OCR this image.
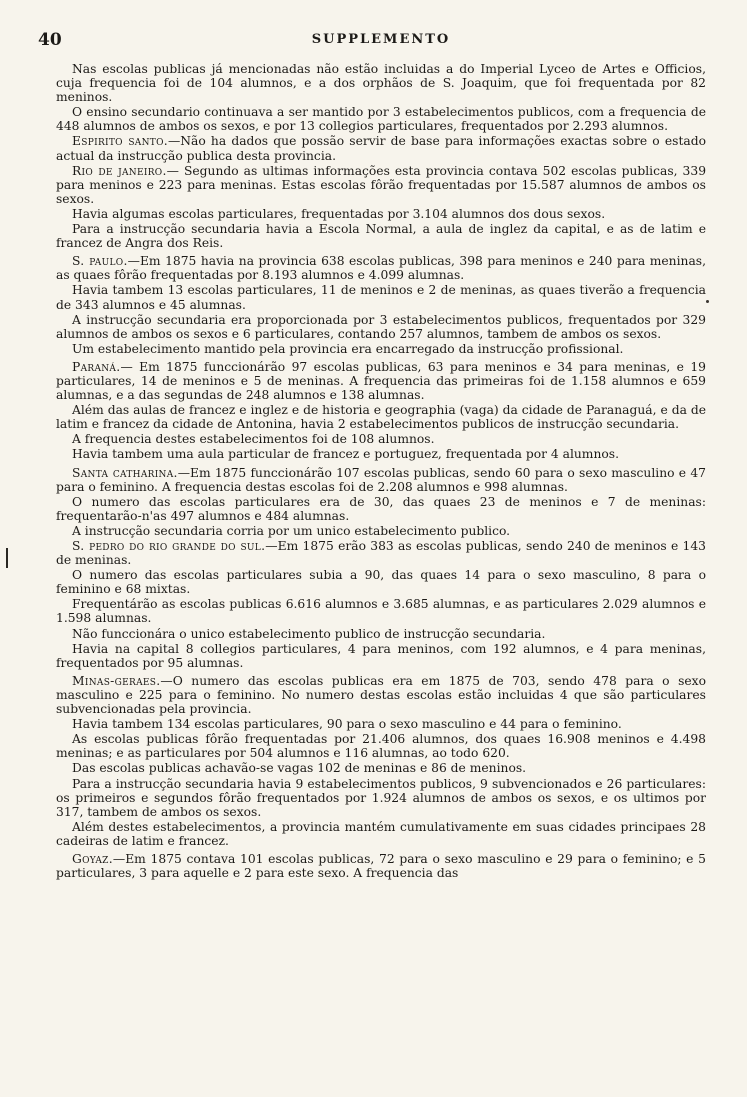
40	SUPPLEMENTO

Nas escolas publicas já mencionadas não estão incluidas a do Imperial Lyceo de Artes e Officios, cuja frequencia foi de 104 alumnos, e a dos orphãos de S. Joaquim, que foi frequentada por 82 meninos.

O ensino secundario continuava a ser mantido por 3 estabelecimentos publicos, com a frequencia de 448 alumnos de ambos os sexos, e por 13 collegios particulares, frequentados por 2.293 alumnos.

Espirito santo.—Não ha dados que possão servir de base para informações exactas sobre o estado actual da instrucção publica desta provincia.

Rio de janeiro.— Segundo as ultimas informações esta provincia contava 502 escolas publicas, 339 para meninos e 223 para meninas. Estas escolas fôrão frequentadas por 15.587 alumnos de ambos os sexos.

Havia algumas escolas particulares, frequentadas por 3.104 alumnos dos dous sexos.

Para a instrucção secundaria havia a Escola Normal, a aula de inglez da capital, e as de latim e francez de Angra dos Reis.

S. paulo.—Em 1875 havia na provincia 638 escolas publicas, 398 para meninos e 240 para meninas, as quaes fôrão frequentadas por 8.193 alumnos e 4.099 alumnas.

Havia tambem 13 escolas particulares, 11 de meninos e 2 de meninas, as quaes tiverão a frequencia de 343 alumnos e 45 alumnas.

A instrucção secundaria era proporcionada por 3 estabelecimentos publicos, frequentados por 329 alumnos de ambos os sexos e 6 particulares, contando 257 alumnos, tambem de ambos os sexos.

Um estabelecimento mantido pela provincia era encarregado da instrucção profissional.

Paraná.— Em 1875 funccionárão 97 escolas publicas, 63 para meninos e 34 para meninas, e 19 particulares, 14 de meninos e 5 de meninas. A frequencia das primeiras foi de 1.158 alumnos e 659 alumnas, e a das segundas de 248 alumnos e 138 alumnas.

Além das aulas de francez e inglez e de historia e geographia (vaga) da cidade de Paranaguá, e da de latim e francez da cidade de Antonina, havia 2 estabelecimentos publicos de instrucção secundaria.

A frequencia destes estabelecimentos foi de 108 alumnos.

Havia tambem uma aula particular de francez e portuguez, frequentada por 4 alumnos.

Santa catharina.—Em 1875 funccionárão 107 escolas publicas, sendo 60 para o sexo masculino e 47 para o feminino. A frequencia destas escolas foi de 2.208 alumnos e 998 alumnas.

O numero das escolas particulares era de 30, das quaes 23 de meninos e 7 de meninas: frequentarão-n'as 497 alumnos e 484 alumnas.

A instrucção secundaria corria por um unico estabelecimento publico.

S. pedro do rio grande do sul.—Em 1875 erão 383 as escolas publicas, sendo 240 de meninos e 143 de meninas.

O numero das escolas particulares subia a 90, das quaes 14 para o sexo masculino, 8 para o feminino e 68 mixtas.

Frequentárão as escolas publicas 6.616 alumnos e 3.685 alumnas, e as particulares 2.029 alumnos e 1.598 alumnas.

Não funccionára o unico estabelecimento publico de instrucção secundaria.

Havia na capital 8 collegios particulares, 4 para meninos, com 192 alumnos, e 4 para meninas, frequentados por 95 alumnas.

Minas-geraes.—O numero das escolas publicas era em 1875 de 703, sendo 478 para o sexo masculino e 225 para o feminino. No numero destas escolas estão incluidas 4 que são particulares subvencionadas pela provincia.

Havia tambem 134 escolas particulares, 90 para o sexo masculino e 44 para o feminino.

As escolas publicas fôrão frequentadas por 21.406 alumnos, dos quaes 16.908 meninos e 4.498 meninas; e as particulares por 504 alumnos e 116 alumnas, ao todo 620.

Das escolas publicas achavão-se vagas 102 de meninas e 86 de meninos.

Para a instrucção secundaria havia 9 estabelecimentos publicos, 9 subvencionados e 26 particulares: os primeiros e segundos fôrão frequentados por 1.924 alumnos de ambos os sexos, e os ultimos por 317, tambem de ambos os sexos.

Além destes estabelecimentos, a provincia mantém cumulativamente em suas cidades principaes 28 cadeiras de latim e francez.

Goyaz.—Em 1875 contava 101 escolas publicas, 72 para o sexo masculino e 29 para o feminino; e 5 particulares, 3 para aquelle e 2 para este sexo. A frequencia das
